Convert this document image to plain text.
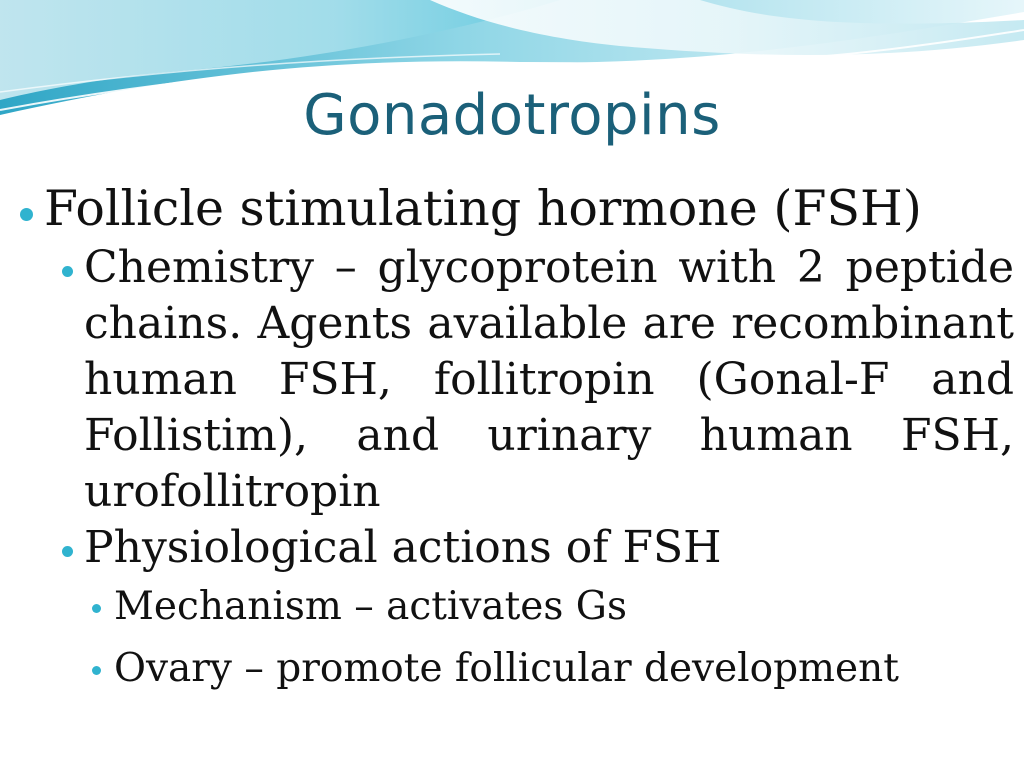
Gonadotropins
Follicle stimulating hormone (FSH)
Chemistry – glycoprotein with 2 peptide chains. Agents available are recombinant human FSH, follitropin (Gonal-F and Follistim), and urinary human FSH, urofollitropin
Physiological actions of FSH
Mechanism – activates Gs
Ovary – promote follicular development
